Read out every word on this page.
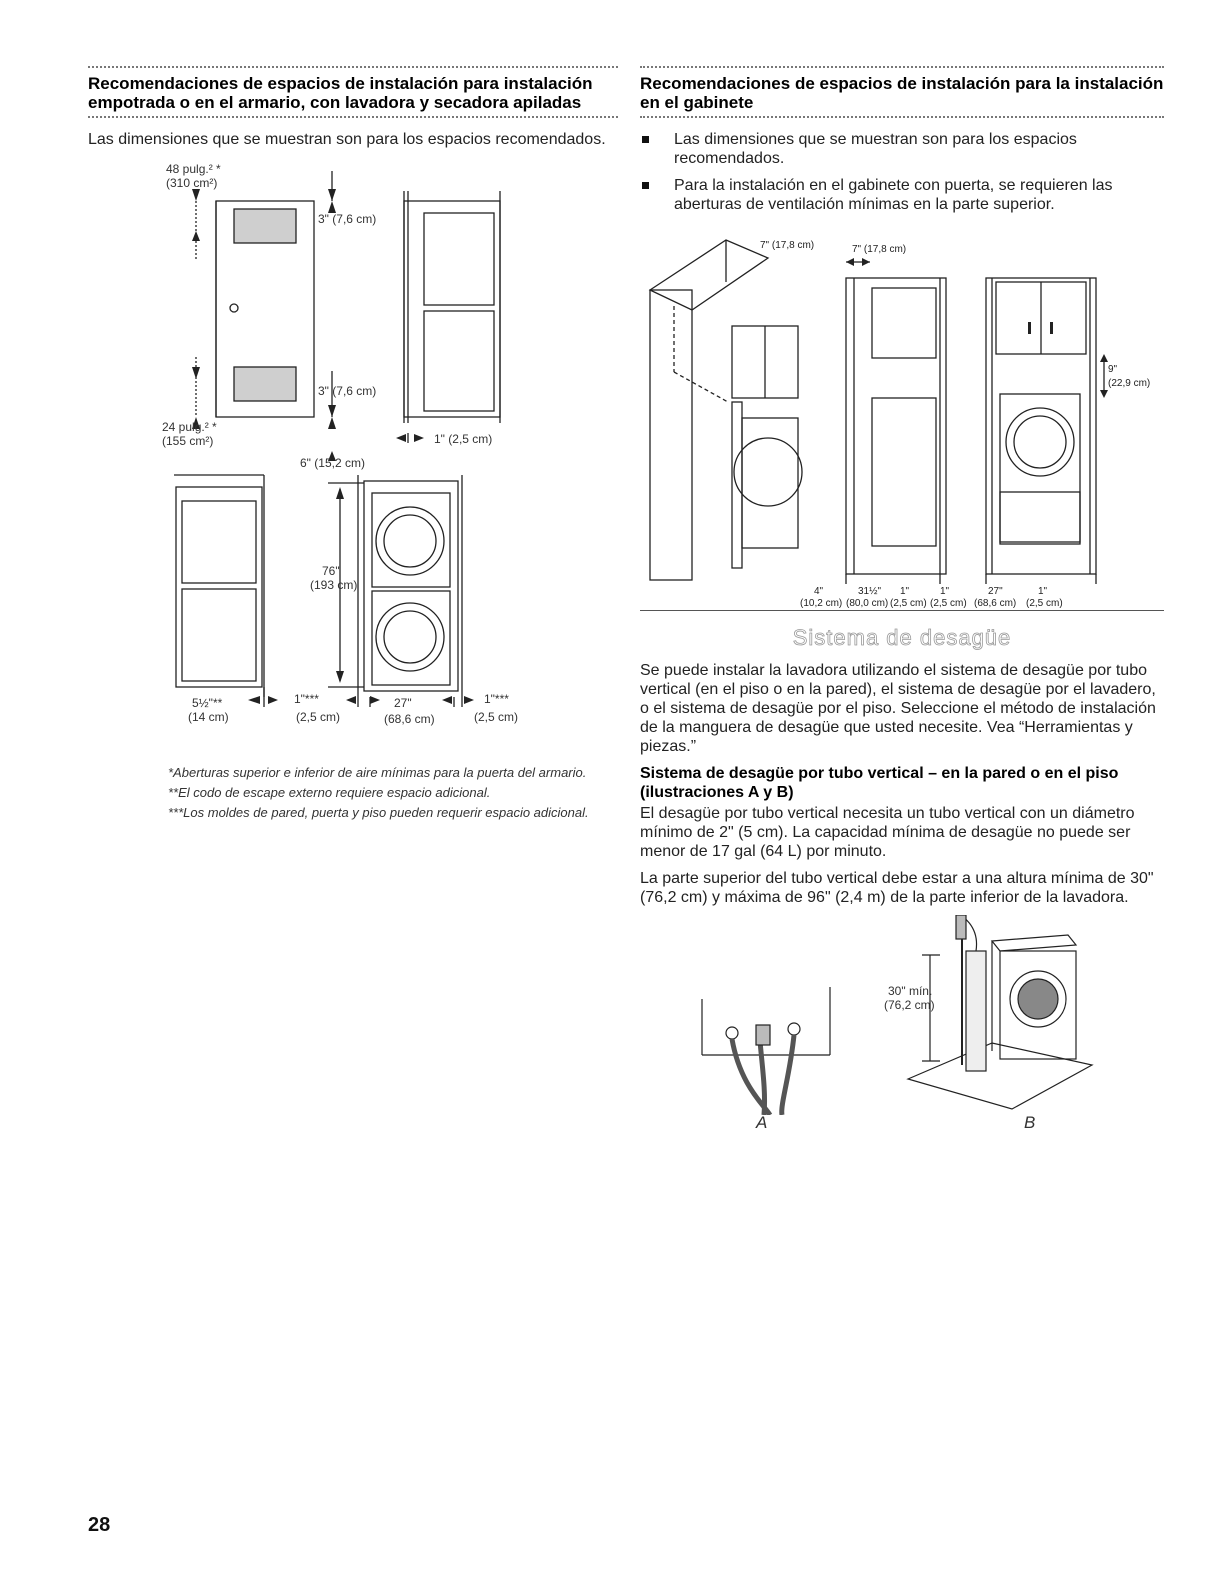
Recomendaciones de espacios de instalación para instalación empotrada o en el armario, con lavadora y secadora apiladas

Las dimensiones que se muestran son para los espacios recomendados.

48 pulg.² *
(310 cm²)
3" (7,6 cm)
3" (7,6 cm)
24 pulg.² *
(155 cm²)	1" (2,5 cm)
6" (15,2 cm)
76"
(193 cm)
5½"**
(14 cm)
1"***
(2,5 cm)
27"
(68,6 cm)
1"***
(2,5 cm)

*Aberturas superior e inferior de aire mínimas para la puerta del armario.

**El codo de escape externo requiere espacio adicional.

***Los moldes de pared, puerta y piso pueden requerir espacio adicional.

Recomendaciones de espacios de instalación para la instalación en el gabinete
Las dimensiones que se muestran son para los espacios recomendados.
Para la instalación en el gabinete con puerta, se requieren las aberturas de ventilación mínimas en la parte superior.
7" (17,8 cm)	7" (17,8 cm)
9"
(22,9 cm)
4"
(10,2 cm)
31½"
(80,0 cm)
1"
(2,5 cm)
1"
(2,5 cm)
27"
(68,6 cm)
1"
(2,5 cm)
Sistema de desagüe

Se puede instalar la lavadora utilizando el sistema de desagüe por tubo vertical (en el piso o en la pared), el sistema de desagüe por el lavadero, o el sistema de desagüe por el piso. Seleccione el método de instalación de la manguera de desagüe que usted necesite. Vea “Herramientas y piezas.”

Sistema de desagüe por tubo vertical – en la pared o en el piso (ilustraciones A y B)

El desagüe por tubo vertical necesita un tubo vertical con un diámetro mínimo de 2" (5 cm). La capacidad mínima de desagüe no puede ser menor de 17 gal (64 L) por minuto.

La parte superior del tubo vertical debe estar a una altura mínima de 30" (76,2 cm) y máxima de 96" (2,4 m) de la parte inferior de la lavadora.

30" mín.
(76,2 cm)
A	B
28
